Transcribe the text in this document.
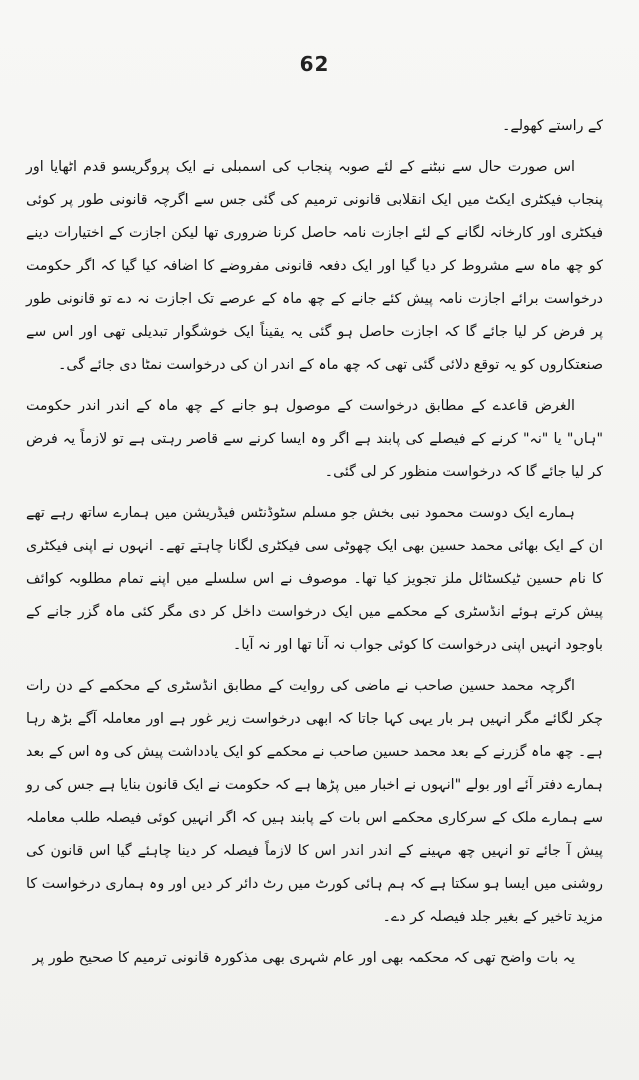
62

کے راستے کھولے۔

اس صورت حال سے نبٹنے کے لئے صوبہ پنجاب کی اسمبلی نے ایک پروگریسو قدم اٹھایا اور پنجاب فیکٹری ایکٹ میں ایک انقلابی قانونی ترمیم کی گئی جس سے اگرچہ قانونی طور پر کوئی فیکٹری اور کارخانہ لگانے کے لئے اجازت نامہ حاصل کرنا ضروری تھا لیکن اجازت کے اختیارات دینے کو چھ ماہ سے مشروط کر دیا گیا اور ایک دفعہ قانونی مفروضے کا اضافہ کیا گیا کہ اگر حکومت درخواست برائے اجازت نامہ پیش کئے جانے کے چھ ماہ کے عرصے تک اجازت نہ دے تو قانونی طور پر فرض کر لیا جائے گا کہ اجازت حاصل ہو گئی یہ یقیناً ایک خوشگوار تبدیلی تھی اور اس سے صنعتکاروں کو یہ توقع دلائی گئی تھی کہ چھ ماہ کے اندر ان کی درخواست نمٹا دی جائے گی۔

الغرض قاعدے کے مطابق درخواست کے موصول ہو جانے کے چھ ماہ کے اندر اندر حکومت "ہاں" یا "نہ" کرنے کے فیصلے کی پابند ہے اگر وہ ایسا کرنے سے قاصر رہتی ہے تو لازماً یہ فرض کر لیا جائے گا کہ درخواست منظور کر لی گئی۔

ہمارے ایک دوست محمود نبی بخش جو مسلم سٹوڈنٹس فیڈریشن میں ہمارے ساتھ رہے تھے ان کے ایک بھائی محمد حسین بھی ایک چھوٹی سی فیکٹری لگانا چاہتے تھے۔ انہوں نے اپنی فیکٹری کا نام حسین ٹیکسٹائل ملز تجویز کیا تھا۔ موصوف نے اس سلسلے میں اپنے تمام مطلوبہ کوائف پیش کرتے ہوئے انڈسٹری کے محکمے میں ایک درخواست داخل کر دی مگر کئی ماہ گزر جانے کے باوجود انہیں اپنی درخواست کا کوئی جواب نہ آنا تھا اور نہ آیا۔

اگرچہ محمد حسین صاحب نے ماضی کی روایت کے مطابق انڈسٹری کے محکمے کے دن رات چکر لگائے مگر انہیں ہر بار یہی کہا جاتا کہ ابھی درخواست زیر غور ہے اور معاملہ آگے بڑھ رہا ہے۔ چھ ماہ گزرنے کے بعد محمد حسین صاحب نے محکمے کو ایک یادداشت پیش کی وہ اس کے بعد ہمارے دفتر آئے اور بولے "انہوں نے اخبار میں پڑھا ہے کہ حکومت نے ایک قانون بنایا ہے جس کی رو سے ہمارے ملک کے سرکاری محکمے اس بات کے پابند ہیں کہ اگر انہیں کوئی فیصلہ طلب معاملہ پیش آ جائے تو انہیں چھ مہینے کے اندر اندر اس کا لازماً فیصلہ کر دینا چاہئے گیا اس قانون کی روشنی میں ایسا ہو سکتا ہے کہ ہم ہائی کورٹ میں رٹ دائر کر دیں اور وہ ہماری درخواست کا مزید تاخیر کے بغیر جلد فیصلہ کر دے۔

یہ بات واضح تھی کہ محکمہ بھی اور عام شہری بھی مذکورہ قانونی ترمیم کا صحیح طور پر
